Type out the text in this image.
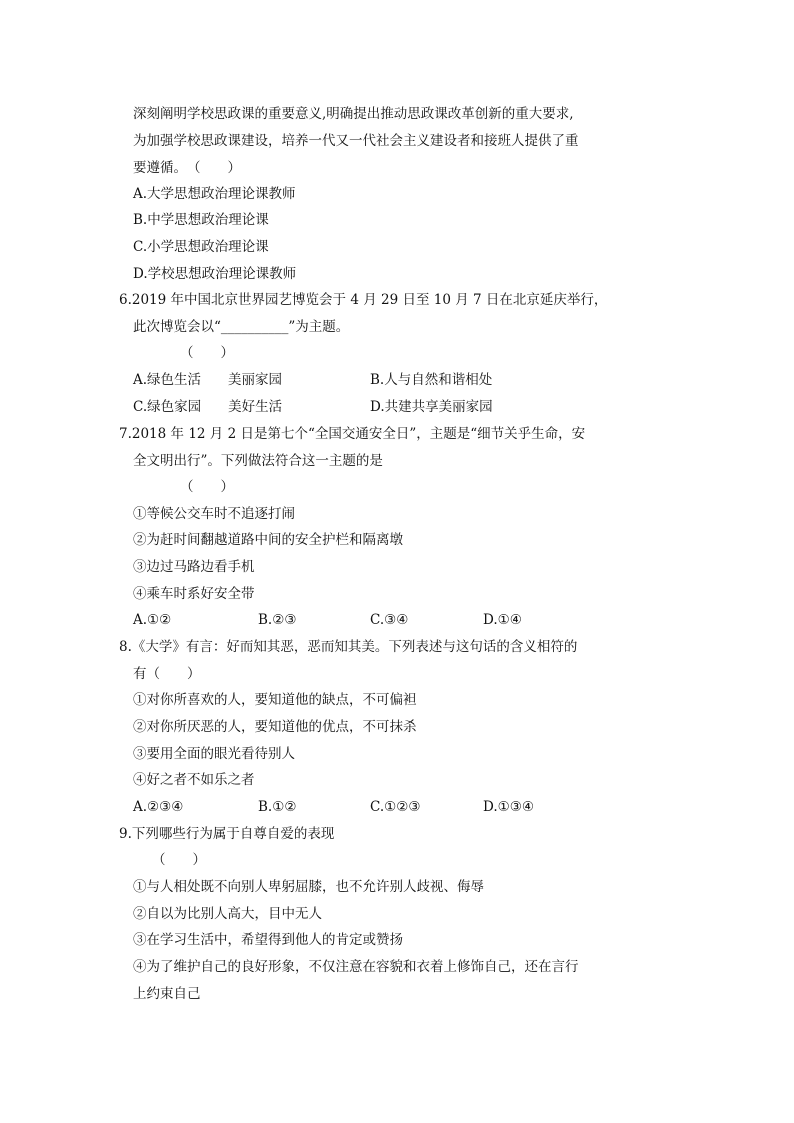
深刻阐明学校思政课的重要意义,明确提出推动思政课改革创新的重大要求,
为加强学校思政课建设，培养一代又一代社会主义建设者和接班人提供了重
要遵循。　（　　）
A.大学思想政治理论课教师
B.中学思想政治理论课
C.小学思想政治理论课
D.学校思想政治理论课教师
6.2019 年中国北京世界园艺博览会于 4 月 29 日至 10 月 7 日在北京延庆举行，
此次博览会以“__________”为主题。
（　　）
A.绿色生活　　美丽家园	B.人与自然和谐相处
C.绿色家园　　美好生活	D.共建共享美丽家园
7.2018 年 12 月 2 日是第七个“全国交通安全日”，主题是“细节关乎生命，安
全文明出行”。下列做法符合这一主题的是
（　　）
①等候公交车时不追逐打闹
②为赶时间翻越道路中间的安全护栏和隔离墩
③边过马路边看手机
④乘车时系好安全带
A.①②	B.②③	C.③④	D.①④
8.《大学》有言：好而知其恶，恶而知其美。下列表述与这句话的含义相符的
有（　　）
①对你所喜欢的人，要知道他的缺点，不可偏袒
②对你所厌恶的人，要知道他的优点，不可抹杀
③要用全面的眼光看待别人
④好之者不如乐之者
A.②③④	B.①②	C.①②③	D.①③④
9.下列哪些行为属于自尊自爱的表现
（　　）
①与人相处既不向别人卑躬屈膝，也不允许别人歧视、侮辱
②自以为比别人高大，目中无人
③在学习生活中，希望得到他人的肯定或赞扬
④为了维护自己的良好形象，不仅注意在容貌和衣着上修饰自己，还在言行
上约束自己
